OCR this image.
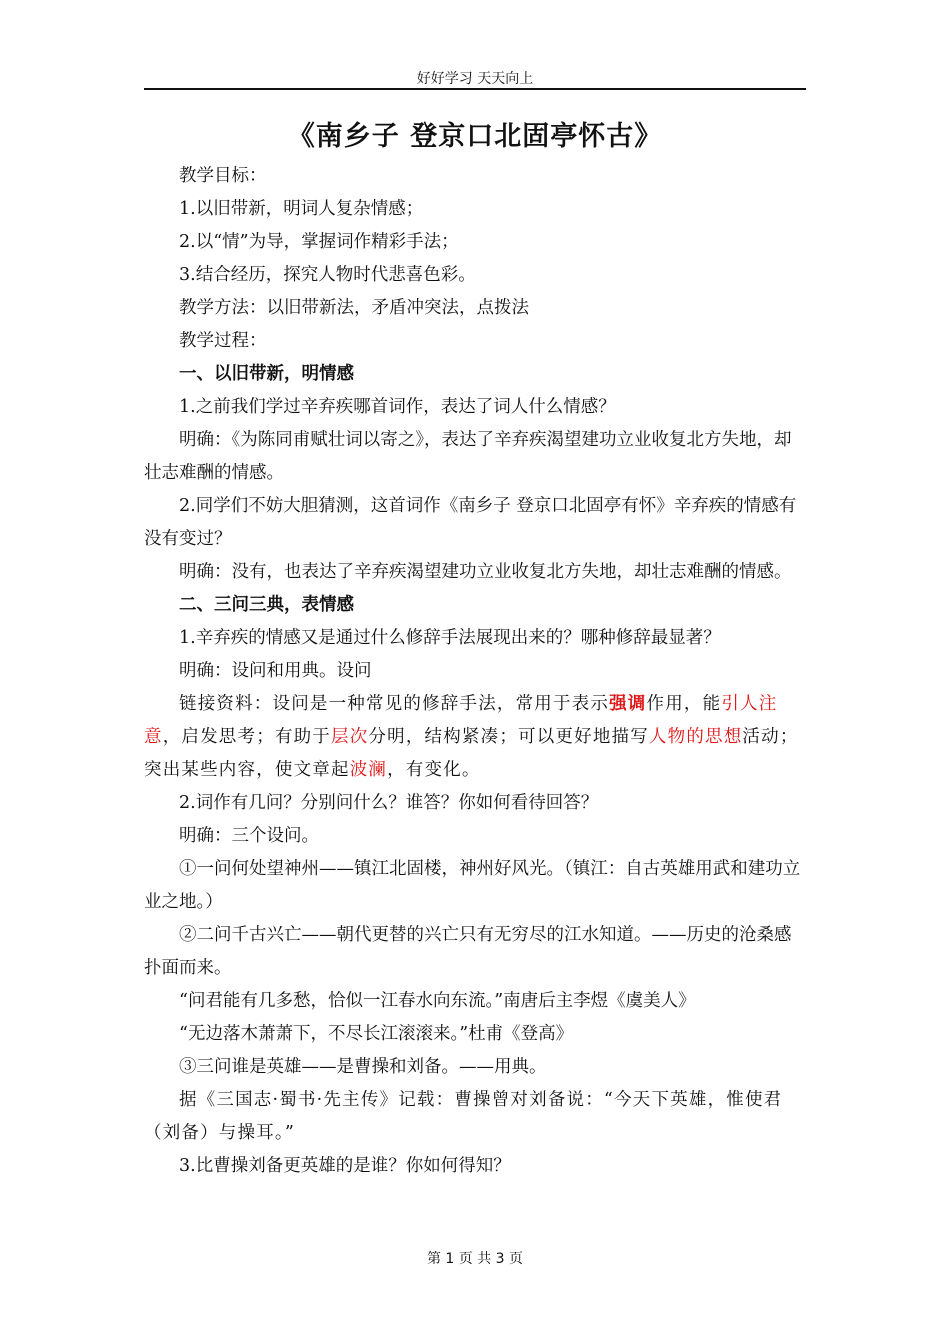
好好学习 天天向上
《南乡子 登京口北固亭怀古》

教学目标：

1.以旧带新，明词人复杂情感；

2.以“情”为导，掌握词作精彩手法；

3.结合经历，探究人物时代悲喜色彩。

教学方法：以旧带新法，矛盾冲突法，点拨法

教学过程：

一、以旧带新，明情感

1.之前我们学过辛弃疾哪首词作，表达了词人什么情感？

明确：《为陈同甫赋壮词以寄之》，表达了辛弃疾渴望建功立业收复北方失地，却壮志难酬的情感。

2.同学们不妨大胆猜测，这首词作《南乡子 登京口北固亭有怀》辛弃疾的情感有没有变过？

明确：没有，也表达了辛弃疾渴望建功立业收复北方失地，却壮志难酬的情感。

二、三问三典，表情感

1.辛弃疾的情感又是通过什么修辞手法展现出来的？哪种修辞最显著？

明确：设问和用典。设问

链接资料：设问是一种常见的修辞手法，常用于表示强调作用，能引人注意，启发思考；有助于层次分明，结构紧凑；可以更好地描写人物的思想活动；突出某些内容，使文章起波澜，有变化。

2.词作有几问？分别问什么？谁答？你如何看待回答？

明确：三个设问。

①一问何处望神州——镇江北固楼，神州好风光。（镇江：自古英雄用武和建功立业之地。）

②二问千古兴亡——朝代更替的兴亡只有无穷尽的江水知道。——历史的沧桑感扑面而来。

“问君能有几多愁，恰似一江春水向东流。”南唐后主李煜《虞美人》

“无边落木萧萧下，不尽长江滚滚来。”杜甫《登高》

③三问谁是英雄——是曹操和刘备。——用典。

据《三国志·蜀书·先主传》记载：曹操曾对刘备说：“今天下英雄，惟使君（刘备）与操耳。”

3.比曹操刘备更英雄的是谁？你如何得知？

第 1 页 共 3 页
